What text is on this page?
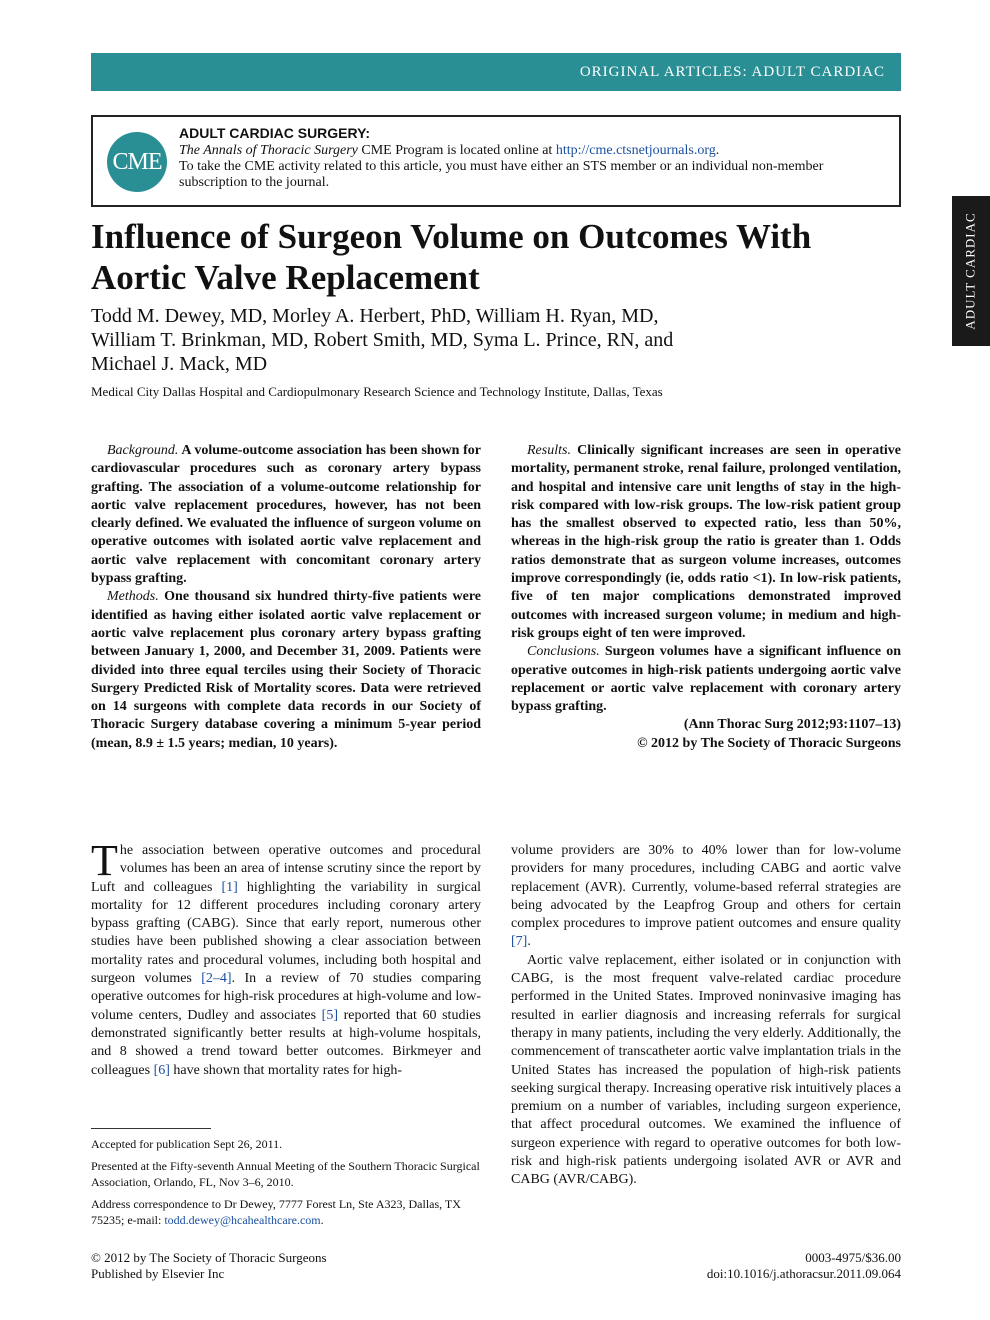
ORIGINAL ARTICLES: ADULT CARDIAC
ADULT CARDIAC
CME
ADULT CARDIAC SURGERY:
The Annals of Thoracic Surgery CME Program is located online at http://cme.ctsnetjournals.org.
To take the CME activity related to this article, you must have either an STS member or an individual non-member subscription to the journal.
Influence of Surgeon Volume on Outcomes With Aortic Valve Replacement
Todd M. Dewey, MD, Morley A. Herbert, PhD, William H. Ryan, MD,
William T. Brinkman, MD, Robert Smith, MD, Syma L. Prince, RN, and
Michael J. Mack, MD
Medical City Dallas Hospital and Cardiopulmonary Research Science and Technology Institute, Dallas, Texas

Background. A volume-outcome association has been shown for cardiovascular procedures such as coronary artery bypass grafting. The association of a volume-outcome relationship for aortic valve replacement procedures, however, has not been clearly defined. We evaluated the influence of surgeon volume on operative outcomes with isolated aortic valve replacement and aortic valve replacement with concomitant coronary artery bypass grafting.

Methods. One thousand six hundred thirty-five patients were identified as having either isolated aortic valve replacement or aortic valve replacement plus coronary artery bypass grafting between January 1, 2000, and December 31, 2009. Patients were divided into three equal terciles using their Society of Thoracic Surgery Predicted Risk of Mortality scores. Data were retrieved on 14 surgeons with complete data records in our Society of Thoracic Surgery database covering a minimum 5-year period (mean, 8.9 ± 1.5 years; median, 10 years).

Results. Clinically significant increases are seen in operative mortality, permanent stroke, renal failure, prolonged ventilation, and hospital and intensive care unit lengths of stay in the high-risk compared with low-risk groups. The low-risk patient group has the smallest observed to expected ratio, less than 50%, whereas in the high-risk group the ratio is greater than 1. Odds ratios demonstrate that as surgeon volume increases, outcomes improve correspondingly (ie, odds ratio <1). In low-risk patients, five of ten major complications demonstrated improved outcomes with increased surgeon volume; in medium and high-risk groups eight of ten were improved.

Conclusions. Surgeon volumes have a significant influence on operative outcomes in high-risk patients undergoing aortic valve replacement or aortic valve replacement with coronary artery bypass grafting.

(Ann Thorac Surg 2012;93:1107–13)

© 2012 by The Society of Thoracic Surgeons

The association between operative outcomes and procedural volumes has been an area of intense scrutiny since the report by Luft and colleagues [1] highlighting the variability in surgical mortality for 12 different procedures including coronary artery bypass grafting (CABG). Since that early report, numerous other studies have been published showing a clear association between mortality rates and procedural volumes, including both hospital and surgeon volumes [2–4]. In a review of 70 studies comparing operative outcomes for high-risk procedures at high-volume and low-volume centers, Dudley and associates [5] reported that 60 studies demonstrated significantly better results at high-volume hospitals, and 8 showed a trend toward better outcomes. Birkmeyer and colleagues [6] have shown that mortality rates for high-

Accepted for publication Sept 26, 2011.

Presented at the Fifty-seventh Annual Meeting of the Southern Thoracic Surgical Association, Orlando, FL, Nov 3–6, 2010.

Address correspondence to Dr Dewey, 7777 Forest Ln, Ste A323, Dallas, TX 75235; e-mail: todd.dewey@hcahealthcare.com.

volume providers are 30% to 40% lower than for low-volume providers for many procedures, including CABG and aortic valve replacement (AVR). Currently, volume-based referral strategies are being advocated by the Leapfrog Group and others for certain complex procedures to improve patient outcomes and ensure quality [7].

Aortic valve replacement, either isolated or in conjunction with CABG, is the most frequent valve-related cardiac procedure performed in the United States. Improved noninvasive imaging has resulted in earlier diagnosis and increasing referrals for surgical therapy in many patients, including the very elderly. Additionally, the commencement of transcatheter aortic valve implantation trials in the United States has increased the population of high-risk patients seeking surgical therapy. Increasing operative risk intuitively places a premium on a number of variables, including surgeon experience, that affect procedural outcomes. We examined the influence of surgeon experience with regard to operative outcomes for both low-risk and high-risk patients undergoing isolated AVR or AVR and CABG (AVR/CABG).

© 2012 by The Society of Thoracic Surgeons
Published by Elsevier Inc
0003-4975/$36.00
doi:10.1016/j.athoracsur.2011.09.064
